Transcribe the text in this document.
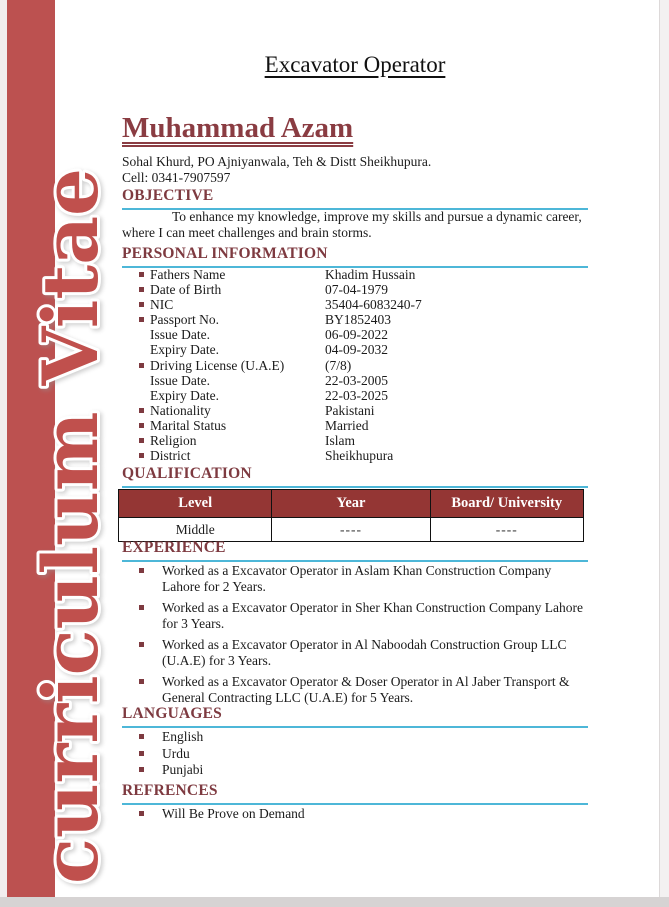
curriculum Vitae
Excavator Operator
Muhammad Azam
Sohal Khurd, PO Ajniyanwala, Teh & Distt Sheikhupura.
Cell: 0341-7907597
OBJECTIVE
To enhance my knowledge, improve my skills and pursue a dynamic career, where I can meet challenges and brain storms.
PERSONAL INFORMATION
Fathers Name	Khadim Hussain
Date of Birth	07-04-1979
NIC	35404-6083240-7
Passport No.	BY1852403
Issue Date.	06-09-2022
Expiry Date.	04-09-2032
Driving License (U.A.E)	(7/8)
Issue Date.	22-03-2005
Expiry Date.	22-03-2025
Nationality	Pakistani
Marital Status	Married
Religion	Islam
District	Sheikhupura
QUALIFICATION
Level	Year	Board/ University
Middle	----	----
EXPERIENCE
Worked as a Excavator Operator in Aslam Khan Construction Company Lahore for 2 Years.
Worked as a Excavator Operator in Sher Khan Construction Company Lahore for 3 Years.
Worked as a Excavator Operator in Al Naboodah Construction Group LLC (U.A.E) for 3 Years.
Worked as a Excavator Operator & Doser Operator in Al Jaber Transport & General Contracting LLC (U.A.E) for 5 Years.
LANGUAGES
English
Urdu
Punjabi
REFRENCES
Will Be Prove on Demand
